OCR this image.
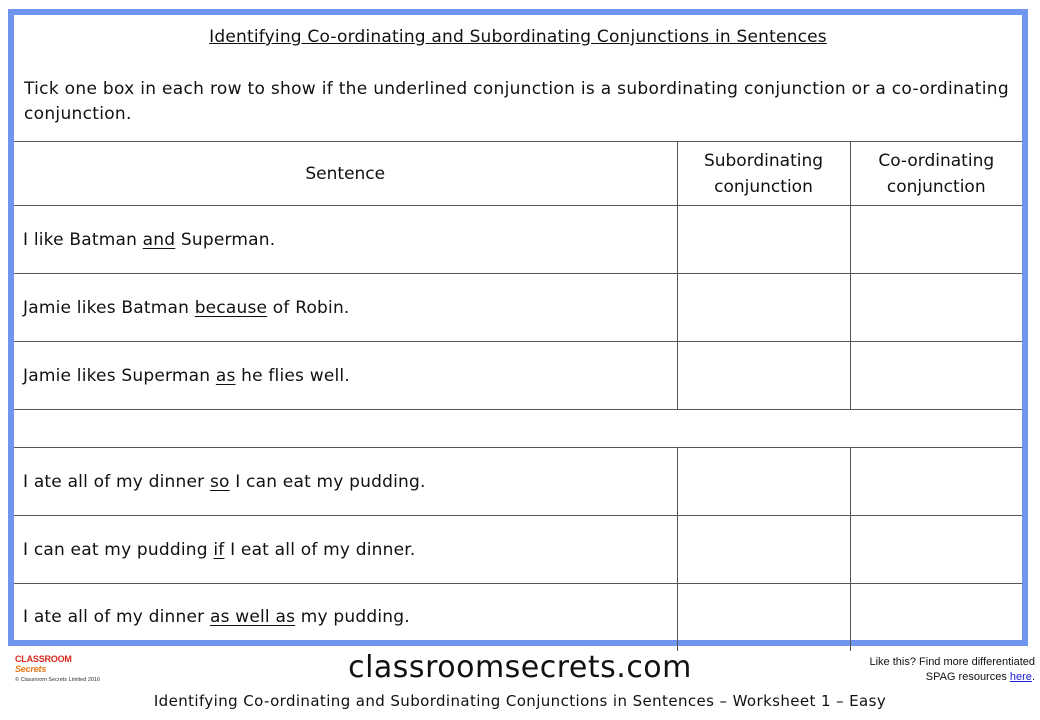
Identifying Co-ordinating and Subordinating Conjunctions in Sentences
Tick one box in each row to show if the underlined conjunction is a subordinating conjunction or a co-ordinating conjunction.
Sentence	Subordinating conjunction	Co-ordinating conjunction
I like Batman and Superman.		
Jamie likes Batman because of Robin.		
Jamie likes Superman as he flies well.		

I ate all of my dinner so I can eat my pudding.		
I can eat my pudding if I eat all of my dinner.		
I ate all of my dinner as well as my pudding.		
CLASSROOM
Secrets
© Classroom Secrets Limited 2016	classroomsecrets.com	Like this? Find more differentiated
SPAG resources here.
Identifying Co-ordinating and Subordinating Conjunctions in Sentences – Worksheet 1 – Easy
